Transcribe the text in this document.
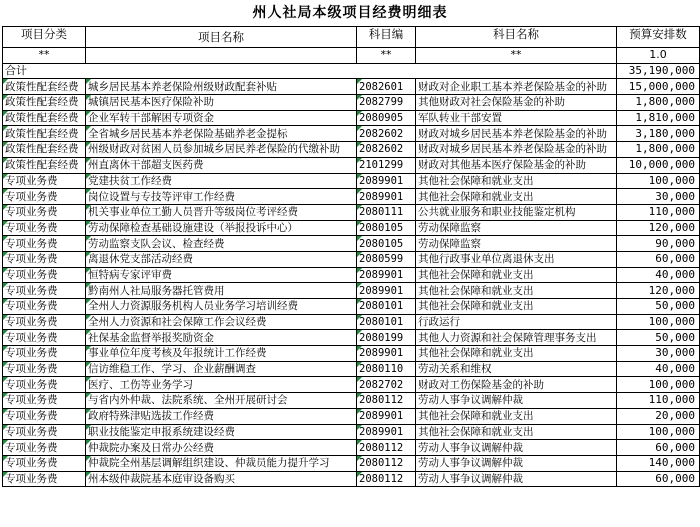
州人社局本级项目经费明细表
项目分类	项目名称	科目编	科目名称	预算安排数
**		**	**	1.0
合计				35,190,000
政策性配套经费	城乡居民基本养老保险州级财政配套补贴	2082601	财政对企业职工基本养老保险基金的补助	15,000,000
政策性配套经费	城镇居民基本医疗保险补助	2082799	其他财政对社会保险基金的补助	1,800,000
政策性配套经费	企业军转干部解困专项资金	2080905	军队转业干部安置	1,810,000
政策性配套经费	全省城乡居民基本养老保险基础养老金提标	2082602	财政对城乡居民基本养老保险基金的补助	3,180,000
政策性配套经费	州级财政对贫困人员参加城乡居民养老保险的代缴补助	2082602	财政对城乡居民基本养老保险基金的补助	1,800,000
政策性配套经费	州直离休干部超支医药费	2101299	财政对其他基本医疗保险基金的补助	10,000,000
专项业务费	党建扶贫工作经费	2089901	其他社会保障和就业支出	100,000
专项业务费	岗位设置与专技等评审工作经费	2089901	其他社会保障和就业支出	30,000
专项业务费	机关事业单位工勤人员晋升等级岗位考评经费	2080111	公共就业服务和职业技能鉴定机构	110,000
专项业务费	劳动保障检查基础设施建设（举报投诉中心）	2080105	劳动保障监察	120,000
专项业务费	劳动监察支队会议、检查经费	2080105	劳动保障监察	90,000
专项业务费	离退休党支部活动经费	2080599	其他行政事业单位离退休支出	60,000
专项业务费	恒特病专家评审费	2089901	其他社会保障和就业支出	40,000
专项业务费	黔南州人社局服务器托管费用	2089901	其他社会保障和就业支出	120,000
专项业务费	全州人力资源服务机构人员业务学习培训经费	2080101	其他社会保障和就业支出	50,000
专项业务费	全州人力资源和社会保障工作会议经费	2080101	行政运行	100,000
专项业务费	社保基金监督举报奖励资金	2080199	其他人力资源和社会保障管理事务支出	50,000
专项业务费	事业单位年度考核及年报统计工作经费	2089901	其他社会保障和就业支出	30,000
专项业务费	信访维稳工作、学习、企业薪酬调查	2080110	劳动关系和维权	40,000
专项业务费	医疗、工伤等业务学习	2082702	财政对工伤保险基金的补助	100,000
专项业务费	与省内外仲裁、法院系统、全州开展研讨会	2080112	劳动人事争议调解仲裁	110,000
专项业务费	政府特殊津贴选拔工作经费	2089901	其他社会保障和就业支出	20,000
专项业务费	职业技能鉴定申报系统建设经费	2089901	其他社会保障和就业支出	100,000
专项业务费	仲裁院办案及日常办公经费	2080112	劳动人事争议调解仲裁	60,000
专项业务费	仲裁院全州基层调解组织建设、仲裁员能力提升学习	2080112	劳动人事争议调解仲裁	140,000
专项业务费	州本级仲裁院基本庭审设备购买	2080112	劳动人事争议调解仲裁	60,000
